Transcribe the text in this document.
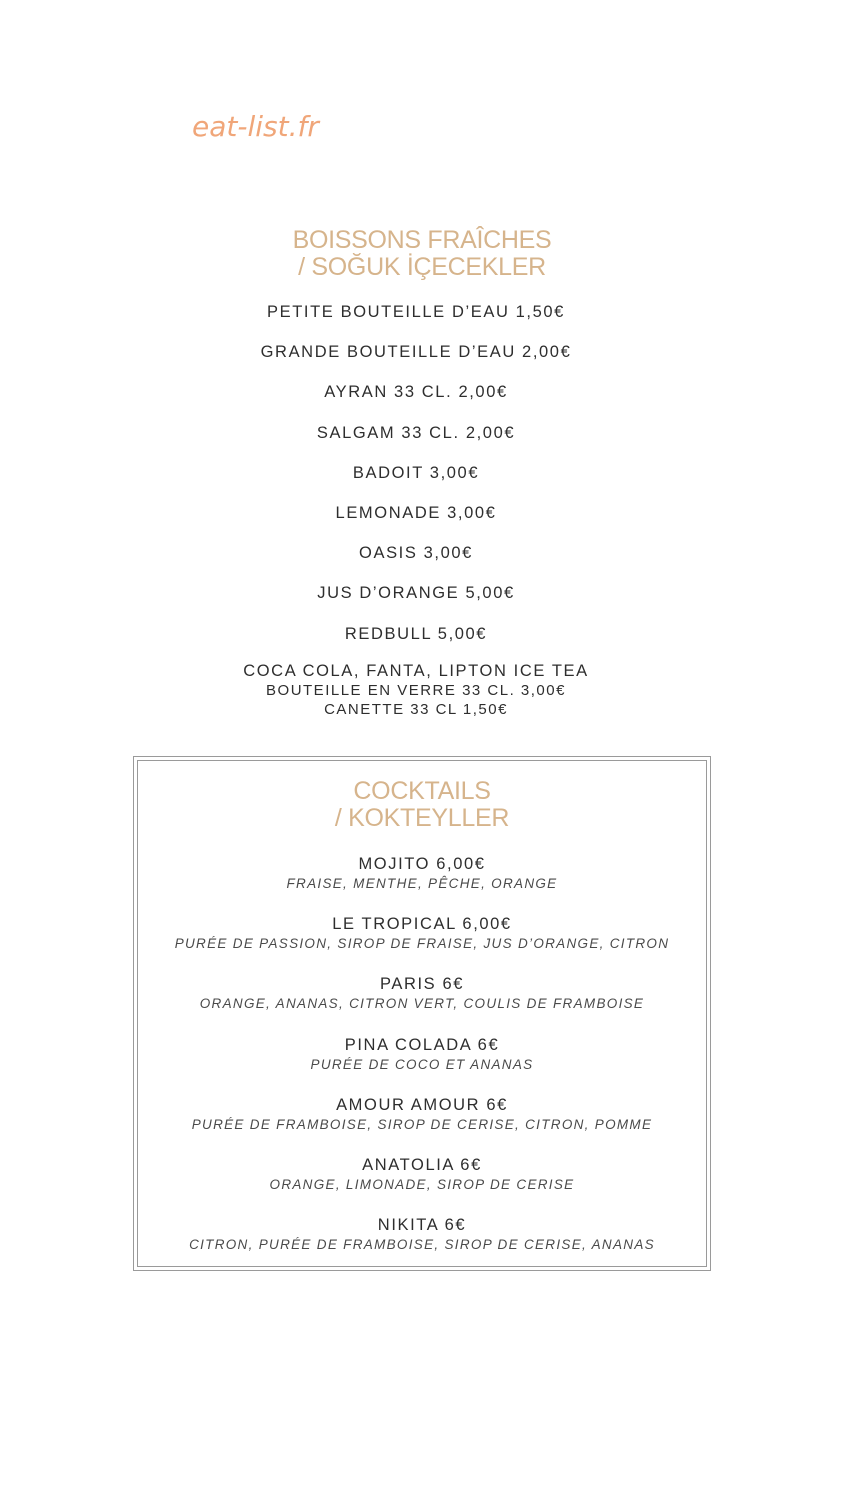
eat-list.fr
BOISSONS FRAÎCHES
/ SOĞUK İÇECEKLER
PETITE BOUTEILLE D’EAU 1,50€
GRANDE BOUTEILLE D’EAU 2,00€
AYRAN 33 CL. 2,00€
SALGAM 33 CL. 2,00€
BADOIT 3,00€
LEMONADE 3,00€
OASIS 3,00€
JUS D’ORANGE 5,00€
REDBULL 5,00€
COCA COLA, FANTA, LIPTON ICE TEA
BOUTEILLE EN VERRE 33 CL. 3,00€
CANETTE 33 CL 1,50€
COCKTAILS
/ KOKTEYLLER
MOJITO 6,00€
FRAISE, MENTHE, PÊCHE, ORANGE
LE TROPICAL 6,00€
PURÉE DE PASSION, SIROP DE FRAISE, JUS D’ORANGE, CITRON
PARIS 6€
ORANGE, ANANAS, CITRON VERT, COULIS DE FRAMBOISE
PINA COLADA 6€
PURÉE DE COCO ET ANANAS
AMOUR AMOUR 6€
PURÉE DE FRAMBOISE, SIROP DE CERISE, CITRON, POMME
ANATOLIA 6€
ORANGE, LIMONADE, SIROP DE CERISE
NIKITA 6€
CITRON, PURÉE DE FRAMBOISE, SIROP DE CERISE, ANANAS
